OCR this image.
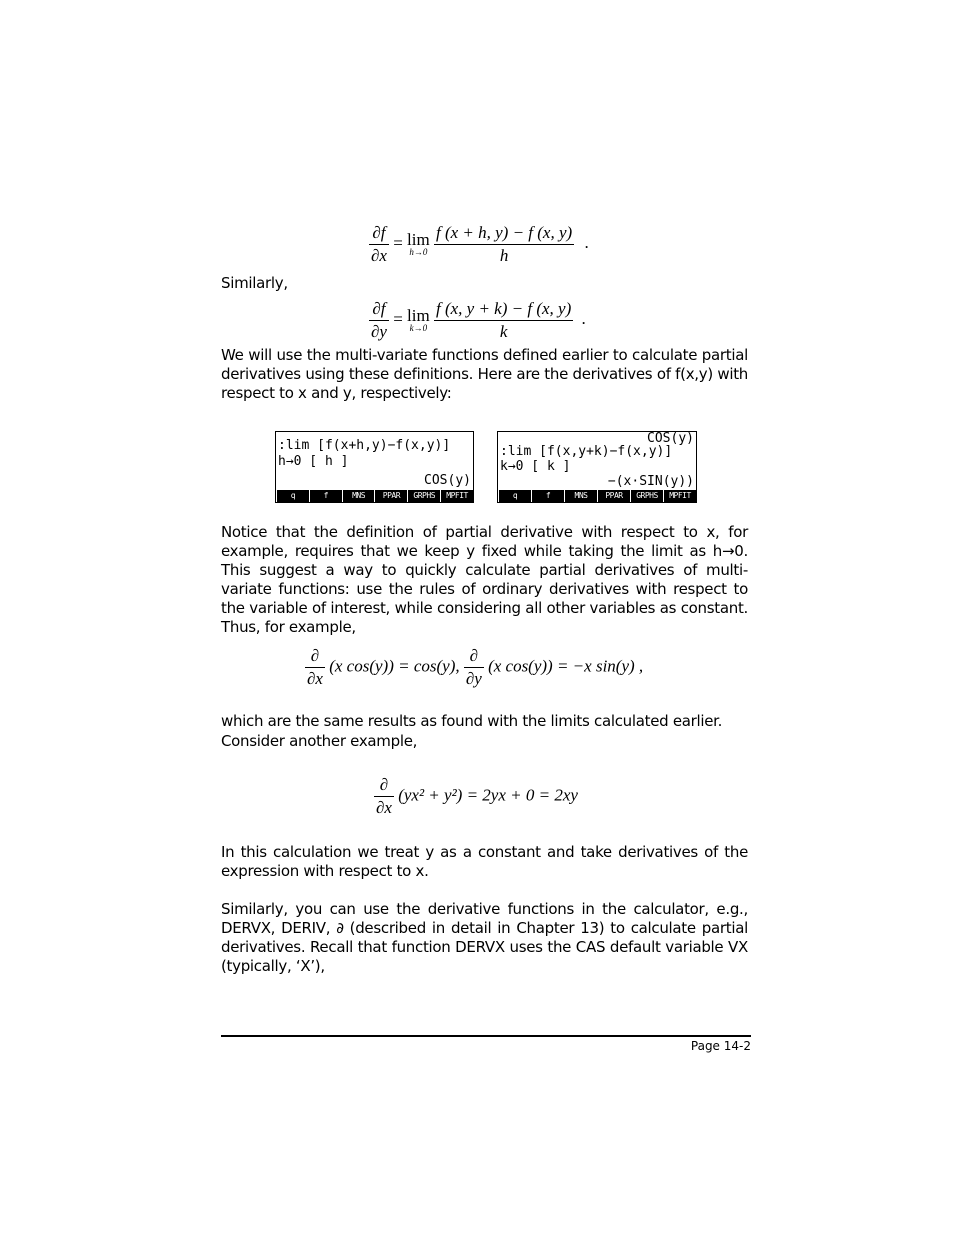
$\frac{\partial f}{\partial x} = \lim$
h→0
$\frac{f (x + h, y) - f (x, y)}{h}$ .
Similarly,
$\frac{\partial f}{\partial y} = \lim$
k→0
$\frac{f (x, y + k) - f (x, y)}{k}$ .
We will use the multi-variate functions defined earlier to calculate partial derivatives using these definitions. Here are the derivatives of f(x,y) with respect to x and y, respectively:
:lim [f(x+h,y)−f(x,y)]
h→0 [ h ]
COS(y)
q	f	MNS	PPAR	GRPHS	MPFIT
COS(y)
:lim [f(x,y+k)−f(x,y)]
k→0 [ k ]
−(x·SIN(y))
q	f	MNS	PPAR	GRPHS	MPFIT
Notice that the definition of partial derivative with respect to x, for example, requires that we keep y fixed while taking the limit as h→0. This suggest a way to quickly calculate partial derivatives of multi-variate functions: use the rules of ordinary derivatives with respect to the variable of interest, while considering all other variables as constant. Thus, for example,
$\frac{\partial}{\partial x} (x$ cos(y)) = cos(y), $\frac{\partial}{\partial y} (x$ cos(y)) = −x sin(y) ,
which are the same results as found with the limits calculated earlier.
Consider another example,
$\frac{\partial}{\partial x} (yx^2 + y^2) = 2yx + 0 = 2xy$
In this calculation we treat y as a constant and take derivatives of the expression with respect to x.
Similarly, you can use the derivative functions in the calculator, e.g., DERVX, DERIV, ∂ (described in detail in Chapter 13) to calculate partial derivatives. Recall that function DERVX uses the CAS default variable VX (typically, ‘X’),
Page 14-2
